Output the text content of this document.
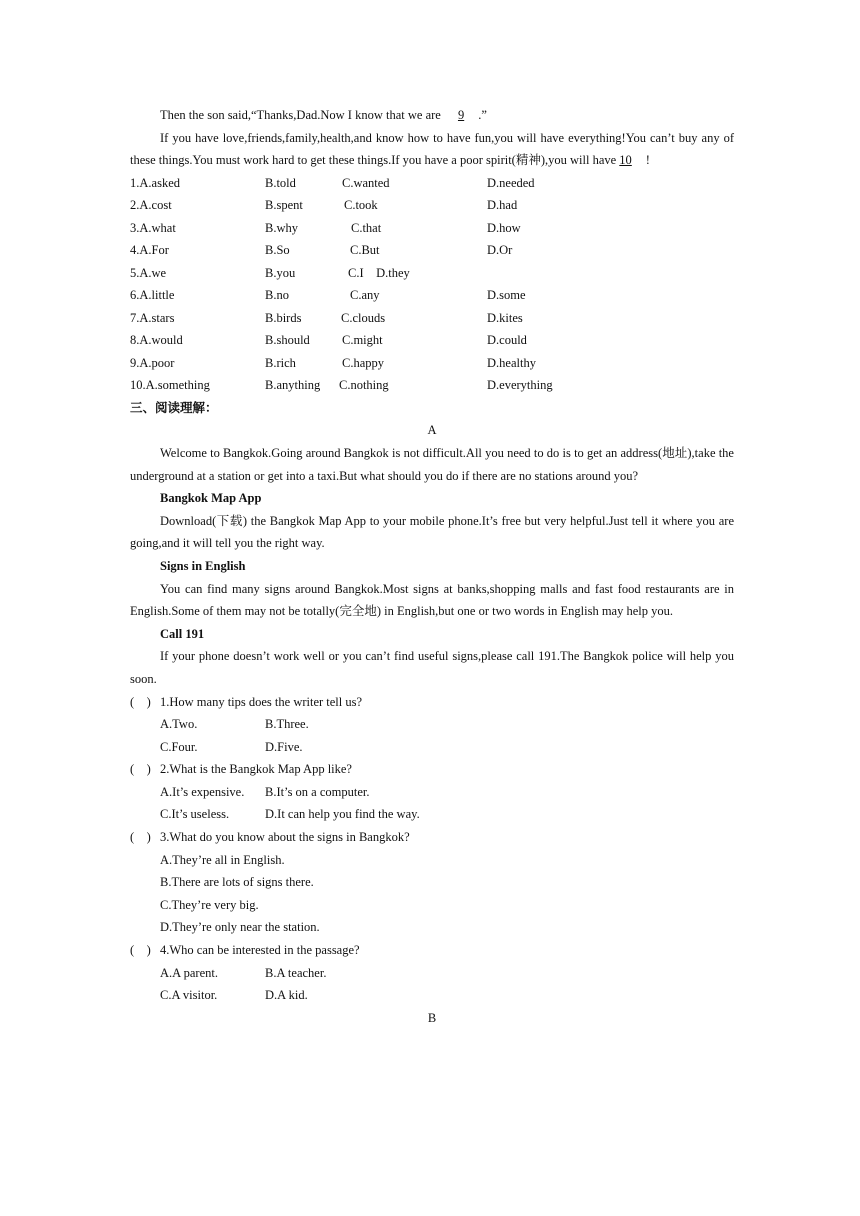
Then the son said,“Thanks,Dad.Now I know that we are 9 .”

If you have love,friends,family,health,and know how to have fun,you will have everything!You can’t buy any of these things.You must work hard to get these things.If you have a poor spirit(精神),you will have 10 !

1.A.asked	B.told	C.wanted	D.needed
2.A.cost	B.spent	C.took	D.had
3.A.what	B.why	C.that	D.how
4.A.For	B.So	C.But	D.Or
5.A.we	B.you	C.I　D.they
6.A.little	B.no	C.any	D.some
7.A.stars	B.birds	C.clouds	D.kites
8.A.would	B.should	C.might	D.could
9.A.poor	B.rich	C.happy	D.healthy
10.A.something	B.anything C.nothing	D.everything
三、阅读理解：
A

Welcome to Bangkok.Going around Bangkok is not difficult.All you need to do is to get an address(地址),take the underground at a station or get into a taxi.But what should you do if there are no stations around you?

Bangkok Map App

Download(下载) the Bangkok Map App to your mobile phone.It’s free but very helpful.Just tell it where you are going,and it will tell you the right way.

Signs in English

You can find many signs around Bangkok.Most signs at banks,shopping malls and fast food restaurants are in English.Some of them may not be totally(完全地) in English,but one or two words in English may help you.

Call 191

If your phone doesn’t work well or you can’t find useful signs,please call 191.The Bangkok police will help you soon.

(　) 1.How many tips does the writer tell us?
A.Two.	B.Three.
C.Four.	D.Five.
(　) 2.What is the Bangkok Map App like?
A.It’s expensive. B.It’s on a computer.
C.It’s useless.	D.It can help you find the way.
(　) 3.What do you know about the signs in Bangkok?
A.They’re all in English.
B.There are lots of signs there.
C.They’re very big.
D.They’re only near the station.
(　) 4.Who can be interested in the passage?
A.A parent.	B.A teacher.
C.A visitor.	D.A kid.
B
